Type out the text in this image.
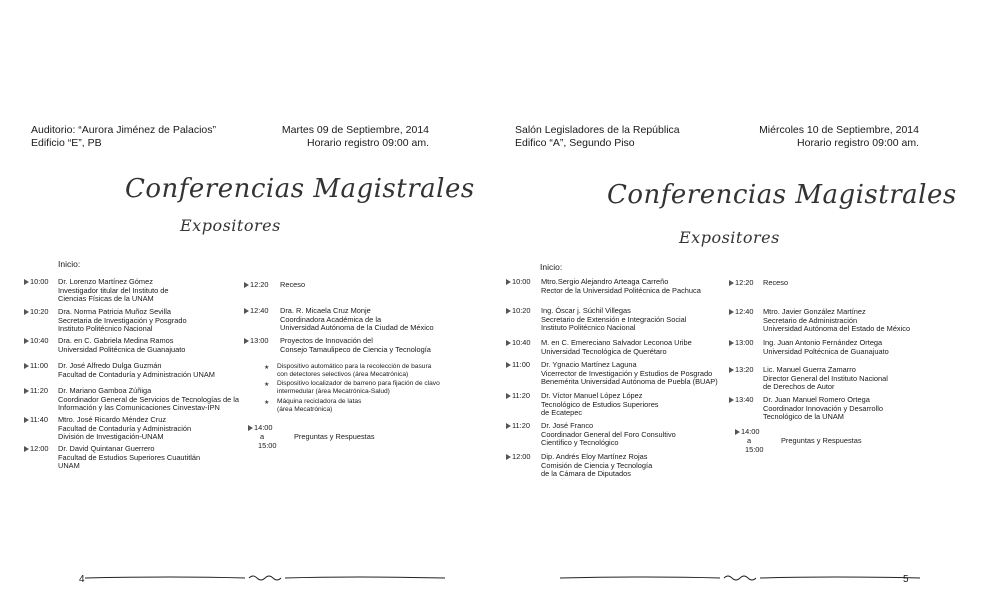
Auditorio: “Aurora Jiménez de Palacios”
Edificio “E”, PB
Martes 09 de Septiembre, 2014
Horario registro 09:00 am.
Conferencias Magistrales
Expositores
Inicio:
10:00 Dr. Lorenzo Martínez Gómez
Investigador titular del Instituto de
Ciencias Físicas de la UNAM
10:20 Dra. Norma Patricia Muñoz Sevilla
Secretaria de Investigación y Posgrado
Instituto Politécnico Nacional
10:40 Dra. en C. Gabriela Medina Ramos
Universidad Politécnica de Guanajuato
11:00 Dr. José Alfredo Dulga Guzmán
Facultad de Contaduría y Administración UNAM
11:20 Dr. Mariano Gamboa Zúñiga
Coordinador General de Servicios de Tecnologías de la
Información y las Comunicaciones Cinvestav-IPN
11:40 Mtro. José Ricardo Méndez Cruz
Facultad de Contaduría y Administración
División de Investigación-UNAM
12:00 Dr. David Quintanar Guerrero
Facultad de Estudios Superiores Cuautitlán
UNAM
12:20 Receso
12:40 Dra. R. Micaela Cruz Monje
Coordinadora Académica de la
Universidad Autónoma de la Ciudad de México
13:00 Proyectos de Innovación del
Consejo Tamaulipeco de Ciencia y Tecnología
★ Dispositivo automático para la recolección de basura
con detectores selectivos (área Mecatrónica)
★ Dispositivo localizador de barreno para fijación de clavo
intermedular (área Mecatrónica-Salud)
★ Máquina recicladora de latas
(área Mecatrónica)
14:00
a
15:00
Preguntas y Respuestas
4
Salón Legisladores de la República
Edifico “A”, Segundo Piso
Miércoles 10 de Septiembre, 2014
Horario registro 09:00 am.
Conferencias Magistrales
Expositores
Inicio:
10:00 Mtro.Sergio Alejandro Arteaga Carreño
Rector de la Universidad Politécnica de Pachuca
10:20 Ing. Óscar j. Súchil Villegas
Secretario de Extensión e Integración Social
Instituto Politécnico Nacional
10:40 M. en C. Emereciano Salvador Leconoa Uribe
Universidad Tecnológica de Querétaro
11:00 Dr. Ygnacio Martínez Laguna
Vicerrector de Investigación y Estudios de Posgrado
Benemérita Universidad Autónoma de Puebla (BUAP)
11:20 Dr. Víctor Manuel López López
Tecnológico de Estudios Superiores
de Ecatepec
11:20 Dr. José Franco
Coordinador General del Foro Consultivo
Científico y Tecnológico
12:00 Dip. Andrés Eloy Martínez Rojas
Comisión de Ciencia y Tecnología
de la Cámara de Diputados
12:20 Receso
12:40 Mtro. Javier González Martínez
Secretario de Administración
Universidad Autónoma del Estado de México
13:00 Ing. Juan Antonio Fernández Ortega
Universidad Poltécnica de Guanajuato
13:20 Lic. Manuel Guerra Zamarro
Director General del Instituto Nacional
de Derechos de Autor
13:40 Dr. Juan Manuel Romero Ortega
Coordinador Innovación y Desarrollo
Tecnológico de la UNAM
14:00
a
15:00
Preguntas y Respuestas
5
